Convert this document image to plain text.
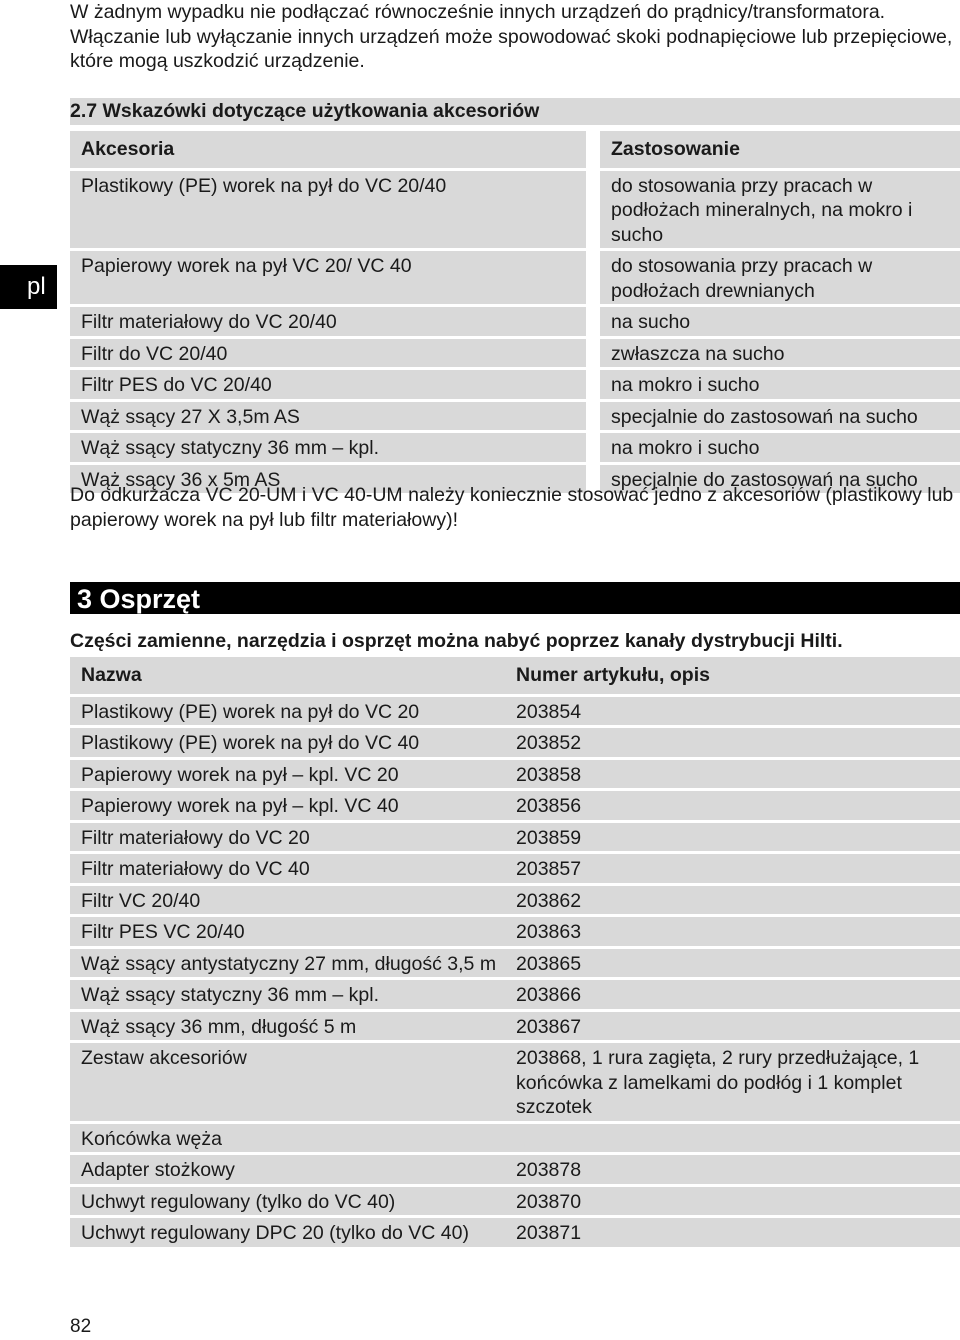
W żadnym wypadku nie podłączać równocześnie innych urządzeń do prądnicy/transformatora.
Włączanie lub wyłączanie innych urządzeń może spowodować skoki podnapięciowe lub przepięciowe, które mogą uszkodzić urządzenie.
pl
2.7 Wskazówki dotyczące użytkowania akcesoriów
Akcesoria		Zastosowanie
Plastikowy (PE) worek na pył do VC 20/40		do stosowania przy pracach w podłożach mineralnych, na mokro i sucho
Papierowy worek na pył VC 20/ VC 40		do stosowania przy pracach w podłożach drewnianych
Filtr materiałowy do VC 20/40		na sucho
Filtr do VC 20/40		zwłaszcza na sucho
Filtr PES do VC 20/40		na mokro i sucho
Wąż ssący 27 X 3,5m AS		specjalnie do zastosowań na sucho
Wąż ssący statyczny 36 mm – kpl.		na mokro i sucho
Wąż ssący 36 x 5m AS		specjalnie do zastosowań na sucho
Do odkurzacza VC 20-UM i VC 40-UM należy koniecznie stosować jedno z akcesoriów (plastikowy lub papierowy worek na pył lub filtr materiałowy)!
3 Osprzęt
Części zamienne, narzędzia i osprzęt można nabyć poprzez kanały dystrybucji Hilti.
Nazwa	Numer artykułu, opis
Plastikowy (PE) worek na pył do VC 20	203854
Plastikowy (PE) worek na pył do VC 40	203852
Papierowy worek na pył – kpl. VC 20	203858
Papierowy worek na pył – kpl. VC 40	203856
Filtr materiałowy do VC 20	203859
Filtr materiałowy do VC 40	203857
Filtr VC 20/40	203862
Filtr PES VC 20/40	203863
Wąż ssący antystatyczny 27 mm, długość 3,5 m	203865
Wąż ssący statyczny 36 mm – kpl.	203866
Wąż ssący 36 mm, długość 5 m	203867
Zestaw akcesoriów	203868, 1 rura zagięta, 2 rury przedłużające, 1 końcówka z lamelkami do podłóg i 1 komplet szczotek
Końcówka węża	
Adapter stożkowy	203878
Uchwyt regulowany (tylko do VC 40)	203870
Uchwyt regulowany DPC 20 (tylko do VC 40)	203871
82
